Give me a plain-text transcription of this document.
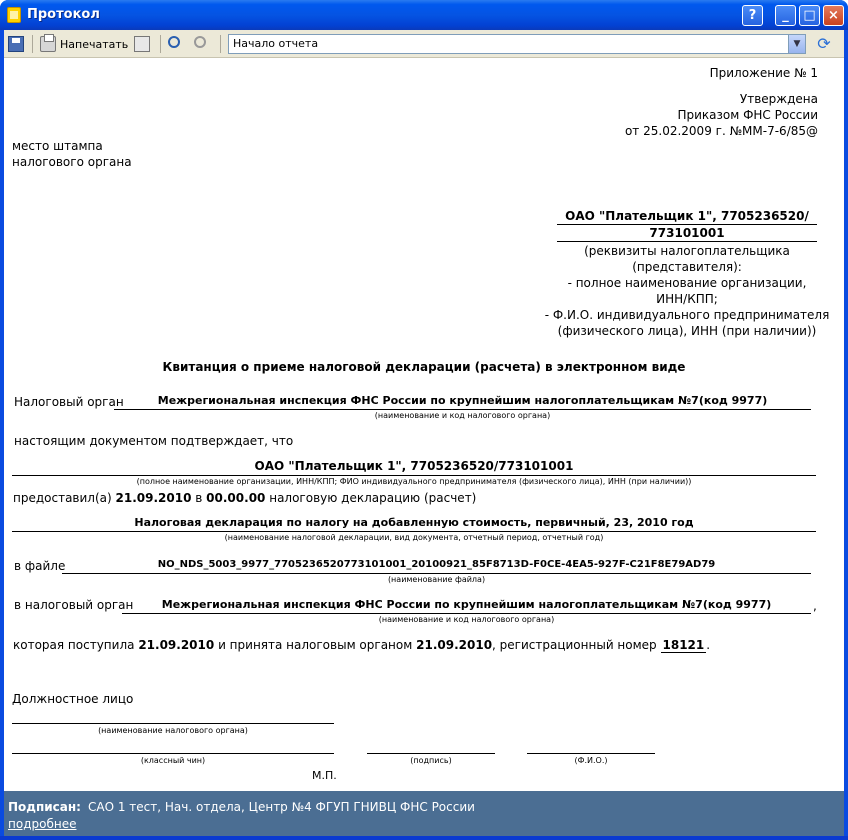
Протокол	?	_	□ ×
Напечатать	Начало отчета	▼ ⟳
Приложение № 1
Утверждена
Приказом ФНС России
от 25.02.2009 г. №ММ-7-6/85@
место штампа
налогового органа
ОАО "Плательщик 1", 7705236520/
773101001
(реквизиты налогоплательщика
(представителя):
- полное наименование организации,
ИНН/КПП;
- Ф.И.О. индивидуального предпринимателя
(физического лица), ИНН (при наличии))
Квитанция о приеме налоговой декларации (расчета) в электронном виде
Налоговый орган	Межрегиональная инспекция ФНС России по крупнейшим налогоплательщикам №7(код 9977)
(наименование и код налогового органа)
настоящим документом подтверждает, что
ОАО "Плательщик 1", 7705236520/773101001
(полное наименование организации, ИНН/КПП; ФИО индивидуального предпринимателя (физического лица), ИНН (при наличии))
предоставил(а) 21.09.2010 в 00.00.00 налоговую декларацию (расчет)
Налоговая декларация по налогу на добавленную стоимость, первичный, 23, 2010 год
(наименование налоговой декларации, вид документа, отчетный период, отчетный год)
в файле	NO_NDS_5003_9977_7705236520773101001_20100921_85F8713D-F0CE-4EA5-927F-C21F8E79AD79
(наименование файла)
в налоговый орган	Межрегиональная инспекция ФНС России по крупнейшим налогоплательщикам №7(код 9977)	,
(наименование и код налогового органа)
которая поступила 21.09.2010 и принята налоговым органом 21.09.2010, регистрационный номер 18121 .
Должностное лицо
(наименование налогового органа)
(классный чин)	(подпись)	(Ф.И.О.)
М.П.
Подписан: САО 1 тест, Нач. отдела, Центр №4 ФГУП ГНИВЦ ФНС России
подробнее
